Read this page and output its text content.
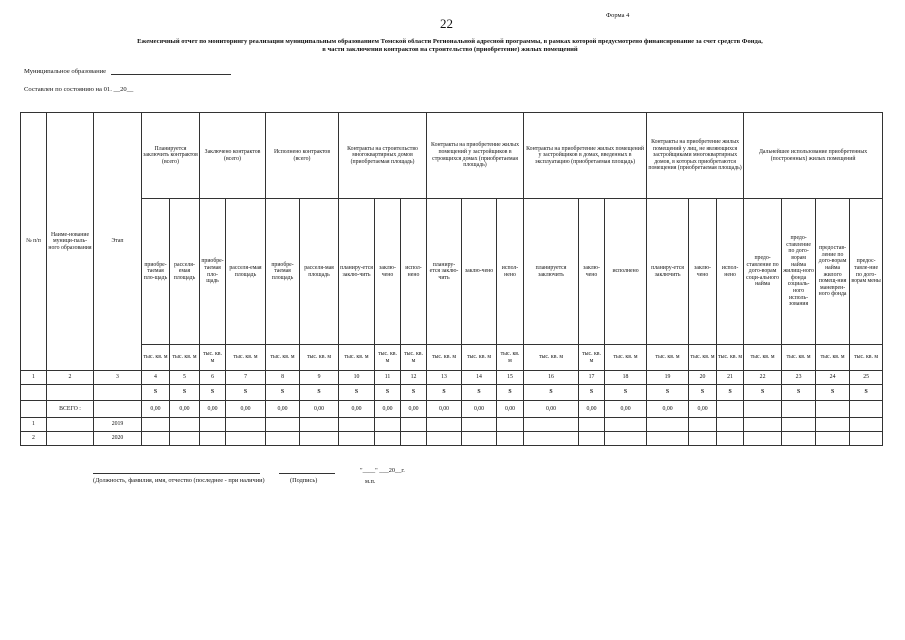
22
Форма 4
Ежемесячный отчет по мониторингу реализации муниципальным образованием Томской области Региональной адресной программы, в рамках которой предусмотрено финансирование за счет средств Фонда,
в части заключения контрактов на строительство (приобретение) жилых помещений
Муниципальное образование
Составлен по состоянию на 01. __20__
№ п/п	Наиме-нование муници-паль-ного образования	Этап	Планируется заключить контрактов (всего)		Заключено контрактов (всего)		Исполнено контрактов (всего)		Контракты на строительство многоквартирных домов (приобретаемая площадь)			Контракты на приобретение жилых помещений у застройщиков в строящихся домах (приобретаемая площадь)			Контракты на приобретение жилых помещений у застройщиков в домах, введенных в эксплуатацию (приобретаемая площадь)			Контракты на приобретение жилых помещений у лиц, не являющихся застройщиками многоквартирных домов, в которых приобретаются помещения (приобретаемая площадь)			Дальнейшее использование приобретенных (построенных) жилых помещений			
			приобре-таемая пло-щадь	расселя-емая площадь	приобре-таемая пло-щадь	расселя-емая площадь	приобре-таемая площадь	расселя-мая площадь	планиру-ется заклю-чить	заклю-чено	испол-нено	планиру-ется заклю-чить	заклю-чено	испол-нено	планируется заключить	заклю-чено	исполнено	планиру-ется заключить	заклю-чено	испол-нено	предо-ставление по дого-ворам соци-ального найма	предо-ставление по дого-ворам найма жилищ-ного фонда социаль-ного исполь-зования	предостав-ление по дого-ворам найма жилого помещ-ния маневрен-ного фонда	предос-тавле-ние по дого-ворам мены
			тыс. кв. м	тыс. кв. м	тыс. кв. м	тыс. кв. м	тыс. кв. м	тыс. кв. м	тыс. кв. м	тыс. кв. м	тыс. кв. м	тыс. кв. м	тыс. кв. м	тыс. кв. м	тыс. кв. м	тыс. кв. м	тыс. кв. м	тыс. кв. м	тыс. кв. м	тыс. кв. м	тыс. кв. м	тыс. кв. м	тыс. кв. м	тыс. кв. м
1	2	3	4	5	6	7	8	9	10	11	12	13	14	15	16	17	18	19	20	21	22	23	24	25
			S	S	S	S	S	S	S	S	S	S	S	S	S	S	S	S	S	S	S	S	S	S
	ВСЕГО :		0,00	0,00	0,00	0,00	0,00	0,00	0,00	0,00	0,00	0,00	0,00	0,00	0,00	0,00	0,00	0,00	0,00					
1		2019																						
2		2020																						
(Должность, фамилия, имя, отчество (последнее - при наличии)	(Подпись)
"____" ___20__г.
м.п.
